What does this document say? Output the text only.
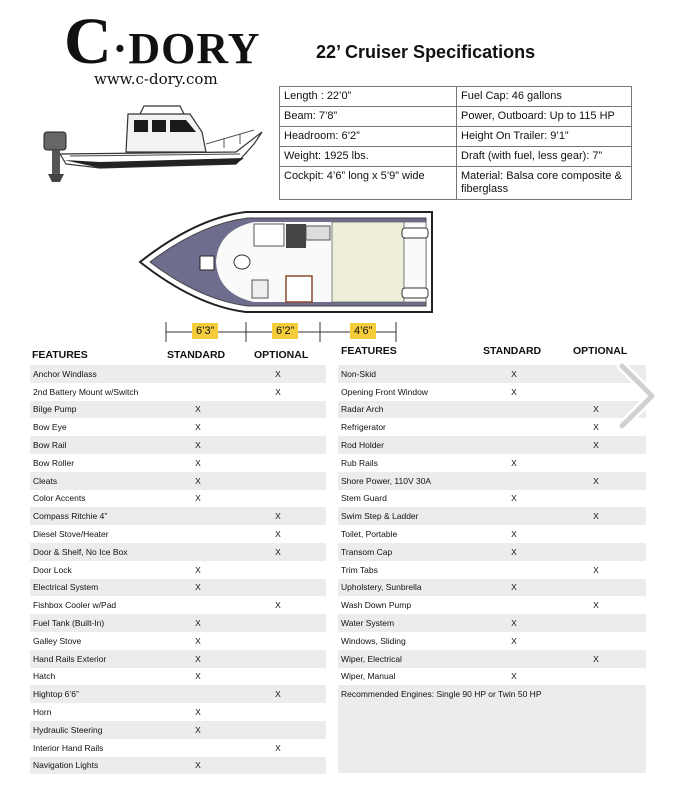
C·DORY
www.c-dory.com
22’ Cruiser Specifications
Length : 22’0”	Fuel Cap: 46 gallons
Beam: 7’8”	Power, Outboard: Up to 115 HP
Headroom: 6’2”	Height On Trailer: 9’1”
Weight: 1925 lbs.	Draft (with fuel, less gear): 7”
Cockpit: 4’6” long x 5’9” wide	Material: Balsa core composite & fiberglass
6’3”	6’2”	4’6”
FEATURES	STANDARD	OPTIONAL	FEATURES	STANDARD	OPTIONAL
Anchor Windlass		X
2nd Battery Mount w/Switch		X
Bilge Pump	X	
Bow Eye	X	
Bow Rail	X	
Bow Roller	X	
Cleats	X	
Color Accents	X	
Compass Ritchie 4”		X
Diesel Stove/Heater		X
Door & Shelf, No Ice Box		X
Door Lock	X	
Electrical System	X	
Fishbox Cooler w/Pad		X
Fuel Tank (Built-In)	X	
Galley Stove	X	
Hand Rails Exterior	X	
Hatch	X	
Hightop 6’6”		X
Horn	X	
Hydraulic Steering	X	
Interior Hand Rails		X
Navigation Lights	X	
Non-Skid	X	
Opening Front Window	X	
Radar Arch		X
Refrigerator		X
Rod Holder		X
Rub Rails	X	
Shore Power, 110V 30A		X
Stem Guard	X	
Swim Step & Ladder		X
Toilet, Portable	X	
Transom Cap	X	
Trim Tabs		X
Upholstery, Sunbrella	X	
Wash Down Pump		X
Water System	X	
Windows, Sliding	X	
Wiper, Electrical		X
Wiper, Manual	X	
Recommended Engines: Single 90 HP or Twin 50 HP		
